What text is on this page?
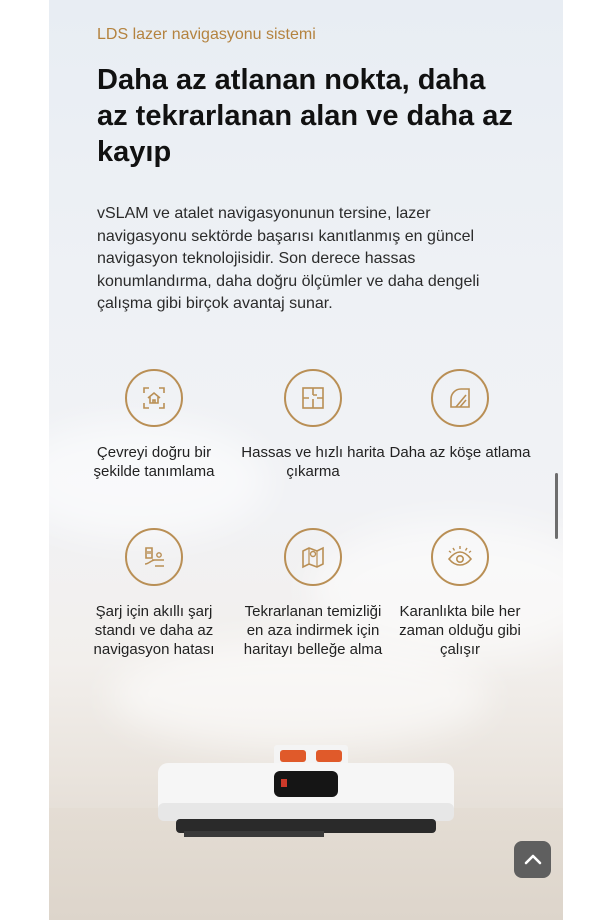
LDS lazer navigasyonu sistemi
Daha az atlanan nokta, daha az tekrarlanan alan ve daha az kayıp

vSLAM ve atalet navigasyonunun tersine, lazer navigasyonu sektörde başarısı kanıtlanmış en güncel navigasyon teknolojisidir. Son derece hassas konumlandırma, daha doğru ölçümler ve daha dengeli çalışma gibi birçok avantaj sunar.

Çevreyi doğru bir şekilde tanımlama
Hassas ve hızlı harita çıkarma
Daha az köşe atlama
Şarj için akıllı şarj standı ve daha az navigasyon hatası
Tekrarlanan temizliği en aza indirmek için haritayı belleğe alma
Karanlıkta bile her zaman olduğu gibi çalışır
